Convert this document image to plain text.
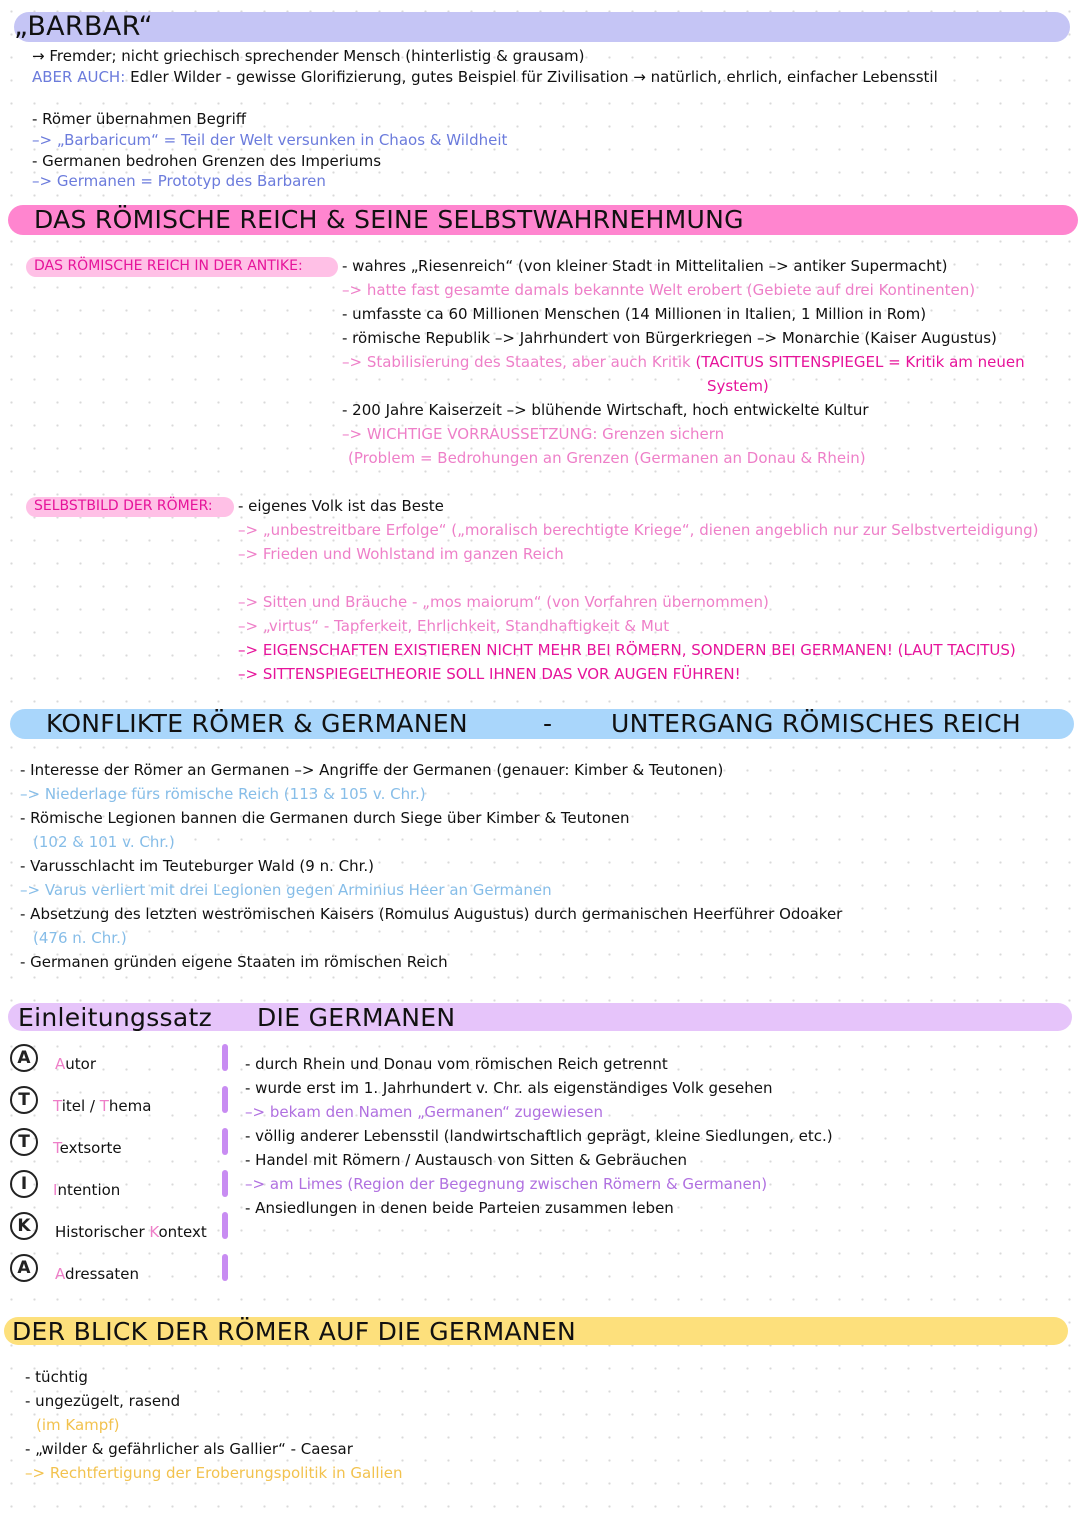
„BARBAR“
→ Fremder; nicht griechisch sprechender Mensch (hinterlistig & grausam)
ABER AUCH: Edler Wilder - gewisse Glorifizierung, gutes Beispiel für Zivilisation → natürlich, ehrlich, einfacher Lebensstil
- Römer übernahmen Begriff
–> „Barbaricum“ = Teil der Welt versunken in Chaos & Wildheit
- Germanen bedrohen Grenzen des Imperiums
–> Germanen = Prototyp des Barbaren
DAS RÖMISCHE REICH & SEINE SELBSTWAHRNEHMUNG
DAS RÖMISCHE REICH IN DER ANTIKE:	- wahres „Riesenreich“ (von kleiner Stadt in Mittelitalien –> antiker Supermacht)
–> hatte fast gesamte damals bekannte Welt erobert (Gebiete auf drei Kontinenten)
- umfasste ca 60 Millionen Menschen (14 Millionen in Italien, 1 Million in Rom)
- römische Republik –> Jahrhundert von Bürgerkriegen –> Monarchie (Kaiser Augustus)
–> Stabilisierung des Staates, aber auch Kritik (TACITUS SITTENSPIEGEL = Kritik am neuen
System)
- 200 Jahre Kaiserzeit –> blühende Wirtschaft, hoch entwickelte Kultur
–> WICHTIGE VORRAUSSETZUNG: Grenzen sichern
(Problem = Bedrohungen an Grenzen (Germanen an Donau & Rhein)
SELBSTBILD DER RÖMER: - eigenes Volk ist das Beste
–> „unbestreitbare Erfolge“ („moralisch berechtigte Kriege“, dienen angeblich nur zur Selbstverteidigung)
–> Frieden und Wohlstand im ganzen Reich
–> Sitten und Bräuche - „mos maiorum“ (von Vorfahren übernommen)
–> „virtus“ - Tapferkeit, Ehrlichkeit, Standhaftigkeit & Mut
–> EIGENSCHAFTEN EXISTIEREN NICHT MEHR BEI RÖMERN, SONDERN BEI GERMANEN! (LAUT TACITUS)
–> SITTENSPIEGELTHEORIE SOLL IHNEN DAS VOR AUGEN FÜHREN!
KONFLIKTE RÖMER & GERMANEN	- UNTERGANG RÖMISCHES REICH
- Interesse der Römer an Germanen –> Angriffe der Germanen (genauer: Kimber & Teutonen)
–> Niederlage fürs römische Reich (113 & 105 v. Chr.)
- Römische Legionen bannen die Germanen durch Siege über Kimber & Teutonen
(102 & 101 v. Chr.)
- Varusschlacht im Teuteburger Wald (9 n. Chr.)
–> Varus verliert mit drei Legionen gegen Arminius Heer an Germanen
- Absetzung des letzten weströmischen Kaisers (Romulus Augustus) durch germanischen Heerführer Odoaker
(476 n. Chr.)
- Germanen gründen eigene Staaten im römischen Reich
Einleitungssatz DIE GERMANEN
A	Autor
T	Titel / Thema
T	Textsorte
I	Intention
K	Historischer Kontext
A	Adressaten
- durch Rhein und Donau vom römischen Reich getrennt
- wurde erst im 1. Jahrhundert v. Chr. als eigenständiges Volk gesehen
–> bekam den Namen „Germanen“ zugewiesen
- völlig anderer Lebensstil (landwirtschaftlich geprägt, kleine Siedlungen, etc.)
- Handel mit Römern / Austausch von Sitten & Gebräuchen
–> am Limes (Region der Begegnung zwischen Römern & Germanen)
- Ansiedlungen in denen beide Parteien zusammen leben
DER BLICK DER RÖMER AUF DIE GERMANEN
- tüchtig
- ungezügelt, rasend
(im Kampf)
- „wilder & gefährlicher als Gallier“ - Caesar
–> Rechtfertigung der Eroberungspolitik in Gallien
